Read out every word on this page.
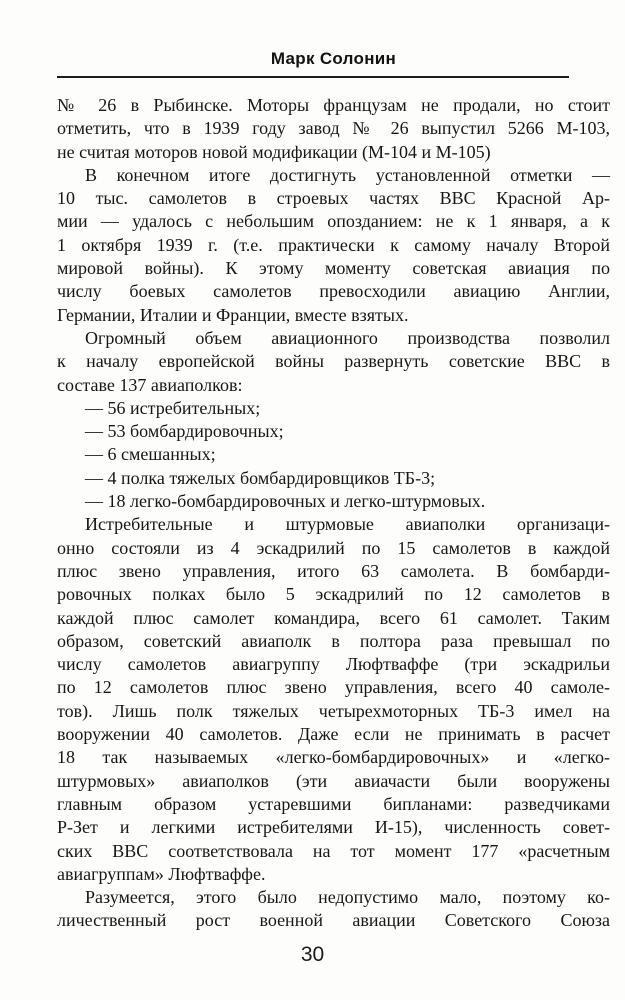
Марк Солонин
№ 26 в Рыбинске. Моторы французам не продали, но стоит
отметить, что в 1939 году завод № 26 выпустил 5266 М-103,
не считая моторов новой модификации (М-104 и М-105)
В конечном итоге достигнуть установленной отметки —
10 тыс. самолетов в строевых частях ВВС Красной Ар-
мии — удалось с небольшим опозданием: не к 1 января, а к
1 октября 1939 г. (т.е. практически к самому началу Второй
мировой войны). К этому моменту советская авиация по
числу боевых самолетов превосходили авиацию Англии,
Германии, Италии и Франции, вместе взятых.
Огромный объем авиационного производства позволил
к началу европейской войны развернуть советские ВВС в
составе 137 авиаполков:
— 56 истребительных;
— 53 бомбардировочных;
— 6 смешанных;
— 4 полка тяжелых бомбардировщиков ТБ-3;
— 18 легко-бомбардировочных и легко-штурмовых.
Истребительные и штурмовые авиаполки организаци-
онно состояли из 4 эскадрилий по 15 самолетов в каждой
плюс звено управления, итого 63 самолета. В бомбарди-
ровочных полках было 5 эскадрилий по 12 самолетов в
каждой плюс самолет командира, всего 61 самолет. Таким
образом, советский авиаполк в полтора раза превышал по
числу самолетов авиагруппу Люфтваффе (три эскадрильи
по 12 самолетов плюс звено управления, всего 40 самоле-
тов). Лишь полк тяжелых четырехмоторных ТБ-3 имел на
вооружении 40 самолетов. Даже если не принимать в расчет
18 так называемых «легко-бомбардировочных» и «легко-
штурмовых» авиаполков (эти авиачасти были вооружены
главным образом устаревшими бипланами: разведчиками
Р-Зет и легкими истребителями И-15), численность совет-
ских ВВС соответствовала на тот момент 177 «расчетным
авиагруппам» Люфтваффе.
Разумеется, этого было недопустимо мало, поэтому ко-
личественный рост военной авиации Советского Союза
30
